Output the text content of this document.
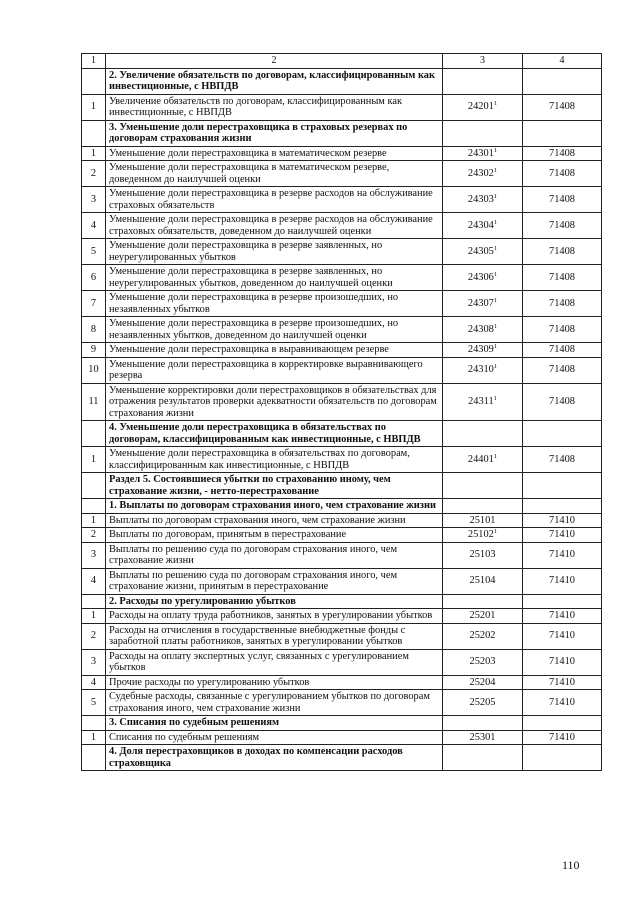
1	2	3	4
	2. Увеличение обязательств по договорам, классифицированным как инвестиционные, с НВПДВ		
1	Увеличение обязательств по договорам, классифицированным как инвестиционные, с НВПДВ	24201$^1$	71408
	3. Уменьшение доли перестраховщика в страховых резервах по договорам страхования жизни		
1	Уменьшение доли перестраховщика в математическом резерве	24301$^1$	71408
2	Уменьшение доли перестраховщика в математическом резерве, доведенном до наилучшей оценки	24302$^1$	71408
3	Уменьшение доли перестраховщика в резерве расходов на обслуживание страховых обязательств	24303$^1$	71408
4	Уменьшение доли перестраховщика в резерве расходов на обслуживание страховых обязательств, доведенном до наилучшей оценки	24304$^1$	71408
5	Уменьшение доли перестраховщика в резерве заявленных, но неурегулированных убытков	24305$^1$	71408
6	Уменьшение доли перестраховщика в резерве заявленных, но неурегулированных убытков, доведенном до наилучшей оценки	24306$^1$	71408
7	Уменьшение доли перестраховщика в резерве произошедших, но незаявленных убытков	24307$^1$	71408
8	Уменьшение доли перестраховщика в резерве произошедших, но незаявленных убытков, доведенном до наилучшей оценки	24308$^1$	71408
9	Уменьшение доли перестраховщика в выравнивающем резерве	24309$^1$	71408
10	Уменьшение доли перестраховщика в корректировке выравнивающего резерва	24310$^1$	71408
11	Уменьшение корректировки доли перестраховщиков в обязательствах для отражения результатов проверки адекватности обязательств по договорам страхования жизни	24311$^1$	71408
	4. Уменьшение доли перестраховщика в обязательствах по договорам, классифицированным как инвестиционные, с НВПДВ		
1	Уменьшение доли перестраховщика в обязательствах по договорам, классифицированным как инвестиционные, с НВПДВ	24401$^1$	71408
	Раздел 5. Состоявшиеся убытки по страхованию иному, чем страхование жизни, - нетто-перестрахование		
	1. Выплаты по договорам страхования иного, чем страхование жизни		
1	Выплаты по договорам страхования иного, чем страхование жизни	25101	71410
2	Выплаты по договорам, принятым в перестрахование	25102$^1$	71410
3	Выплаты по решению суда по договорам страхования иного, чем страхование жизни	25103	71410
4	Выплаты по решению суда по договорам страхования иного, чем страхование жизни, принятым в перестрахование	25104	71410
	2. Расходы по урегулированию убытков		
1	Расходы на оплату труда работников, занятых в урегулировании убытков	25201	71410
2	Расходы на отчисления в государственные внебюджетные фонды с заработной платы работников, занятых в урегулировании убытков	25202	71410
3	Расходы на оплату экспертных услуг, связанных с урегулированием убытков	25203	71410
4	Прочие расходы по урегулированию убытков	25204	71410
5	Судебные расходы, связанные с урегулированием убытков по договорам страхования иного, чем страхование жизни	25205	71410
	3. Списания по судебным решениям		
1	Списания по судебным решениям	25301	71410
	4. Доля перестраховщиков в доходах по компенсации расходов страховщика		
110
